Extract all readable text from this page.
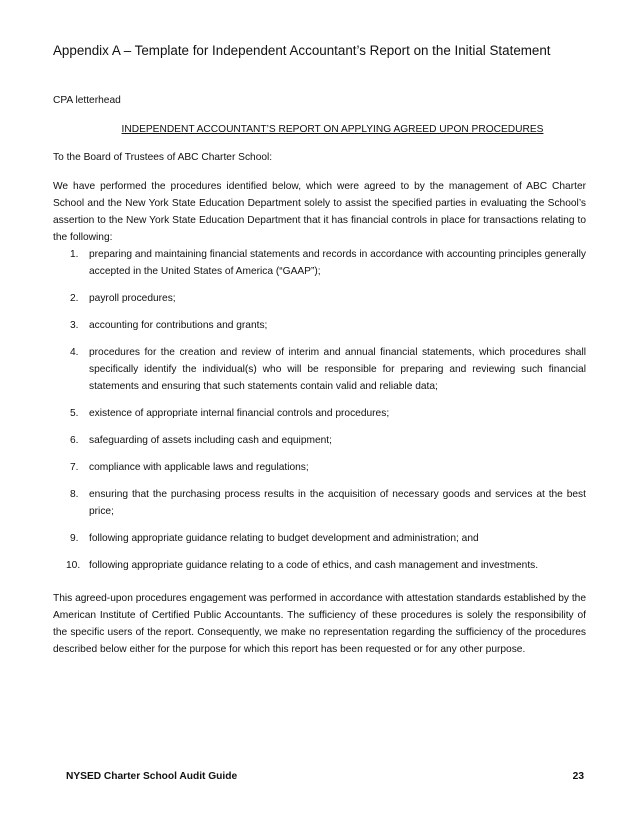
Appendix A – Template for Independent Accountant’s Report on the Initial Statement
CPA letterhead
INDEPENDENT ACCOUNTANT’S REPORT ON APPLYING AGREED UPON PROCEDURES
To the Board of Trustees of ABC Charter School:
We have performed the procedures identified below, which were agreed to by the management of ABC Charter School and the New York State Education Department solely to assist the specified parties in evaluating the School’s assertion to the New York State Education Department that it has financial controls in place for transactions relating to the following:
1.	preparing and maintaining financial statements and records in accordance with accounting principles generally accepted in the United States of America (“GAAP”);
2.	payroll procedures;
3.	accounting for contributions and grants;
4.	procedures for the creation and review of interim and annual financial statements, which procedures shall specifically identify the individual(s) who will be responsible for preparing and reviewing such financial statements and ensuring that such statements contain valid and reliable data;
5.	existence of appropriate internal financial controls and procedures;
6.	safeguarding of assets including cash and equipment;
7.	compliance with applicable laws and regulations;
8.	ensuring that the purchasing process results in the acquisition of necessary goods and services at the best price;
9.	following appropriate guidance relating to budget development and administration; and
10. following appropriate guidance relating to a code of ethics, and cash management and investments.
This agreed-upon procedures engagement was performed in accordance with attestation standards established by the American Institute of Certified Public Accountants. The sufficiency of these procedures is solely the responsibility of the specific users of the report. Consequently, we make no representation regarding the sufficiency of the procedures described below either for the purpose for which this report has been requested or for any other purpose.
NYSED Charter School Audit Guide	23
